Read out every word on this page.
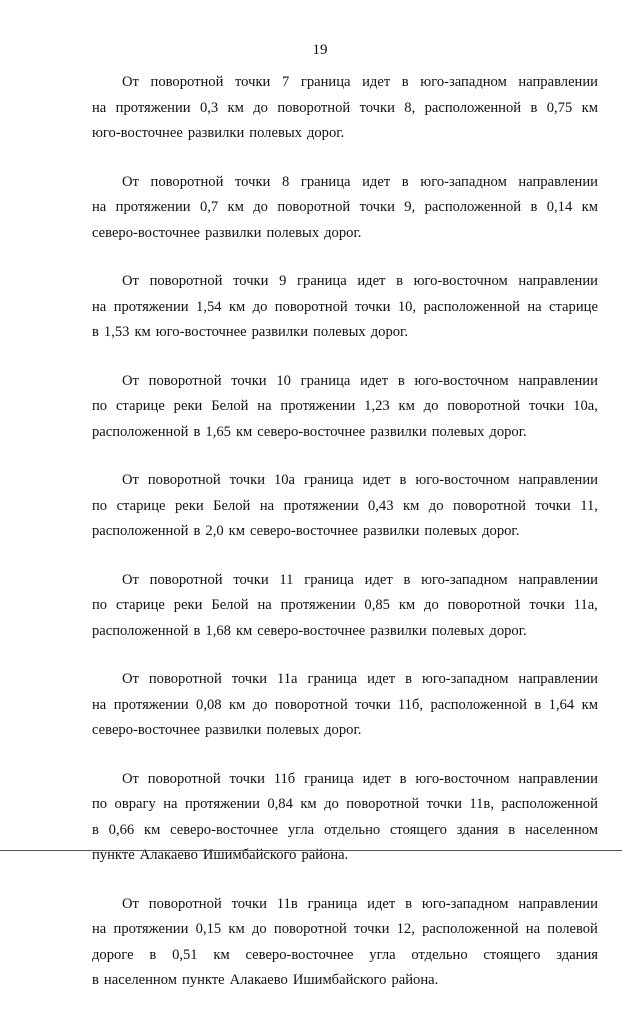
19
От поворотной точки 7 граница идет в юго-западном направлении
на протяжении 0,3 км до поворотной точки 8, расположенной в 0,75 км
юго-восточнее развилки полевых дорог.
От поворотной точки 8 граница идет в юго-западном направлении
на протяжении 0,7 км до поворотной точки 9, расположенной в 0,14 км
северо-восточнее развилки полевых дорог.
От поворотной точки 9 граница идет в юго-восточном направлении
на протяжении 1,54 км до поворотной точки 10, расположенной на старице
в 1,53 км юго-восточнее развилки полевых дорог.
От поворотной точки 10 граница идет в юго-восточном направлении
по старице реки Белой на протяжении 1,23 км до поворотной точки 10а,
расположенной в 1,65 км северо-восточнее развилки полевых дорог.
От поворотной точки 10а граница идет в юго-восточном направлении
по старице реки Белой на протяжении 0,43 км до поворотной точки 11,
расположенной в 2,0 км северо-восточнее развилки полевых дорог.
От поворотной точки 11 граница идет в юго-западном направлении
по старице реки Белой на протяжении 0,85 км до поворотной точки 11а,
расположенной в 1,68 км северо-восточнее развилки полевых дорог.
От поворотной точки 11а граница идет в юго-западном направлении
на протяжении 0,08 км до поворотной точки 11б, расположенной в 1,64 км
северо-восточнее развилки полевых дорог.
От поворотной точки 11б граница идет в юго-восточном направлении
по оврагу на протяжении 0,84 км до поворотной точки 11в, расположенной
в 0,66 км северо-восточнее угла отдельно стоящего здания в населенном
пункте Алакаево Ишимбайского района.
От поворотной точки 11в граница идет в юго-западном направлении
на протяжении 0,15 км до поворотной точки 12, расположенной на полевой
дороге в 0,51 км северо-восточнее угла отдельно стоящего здания
в населенном пункте Алакаево Ишимбайского района.
